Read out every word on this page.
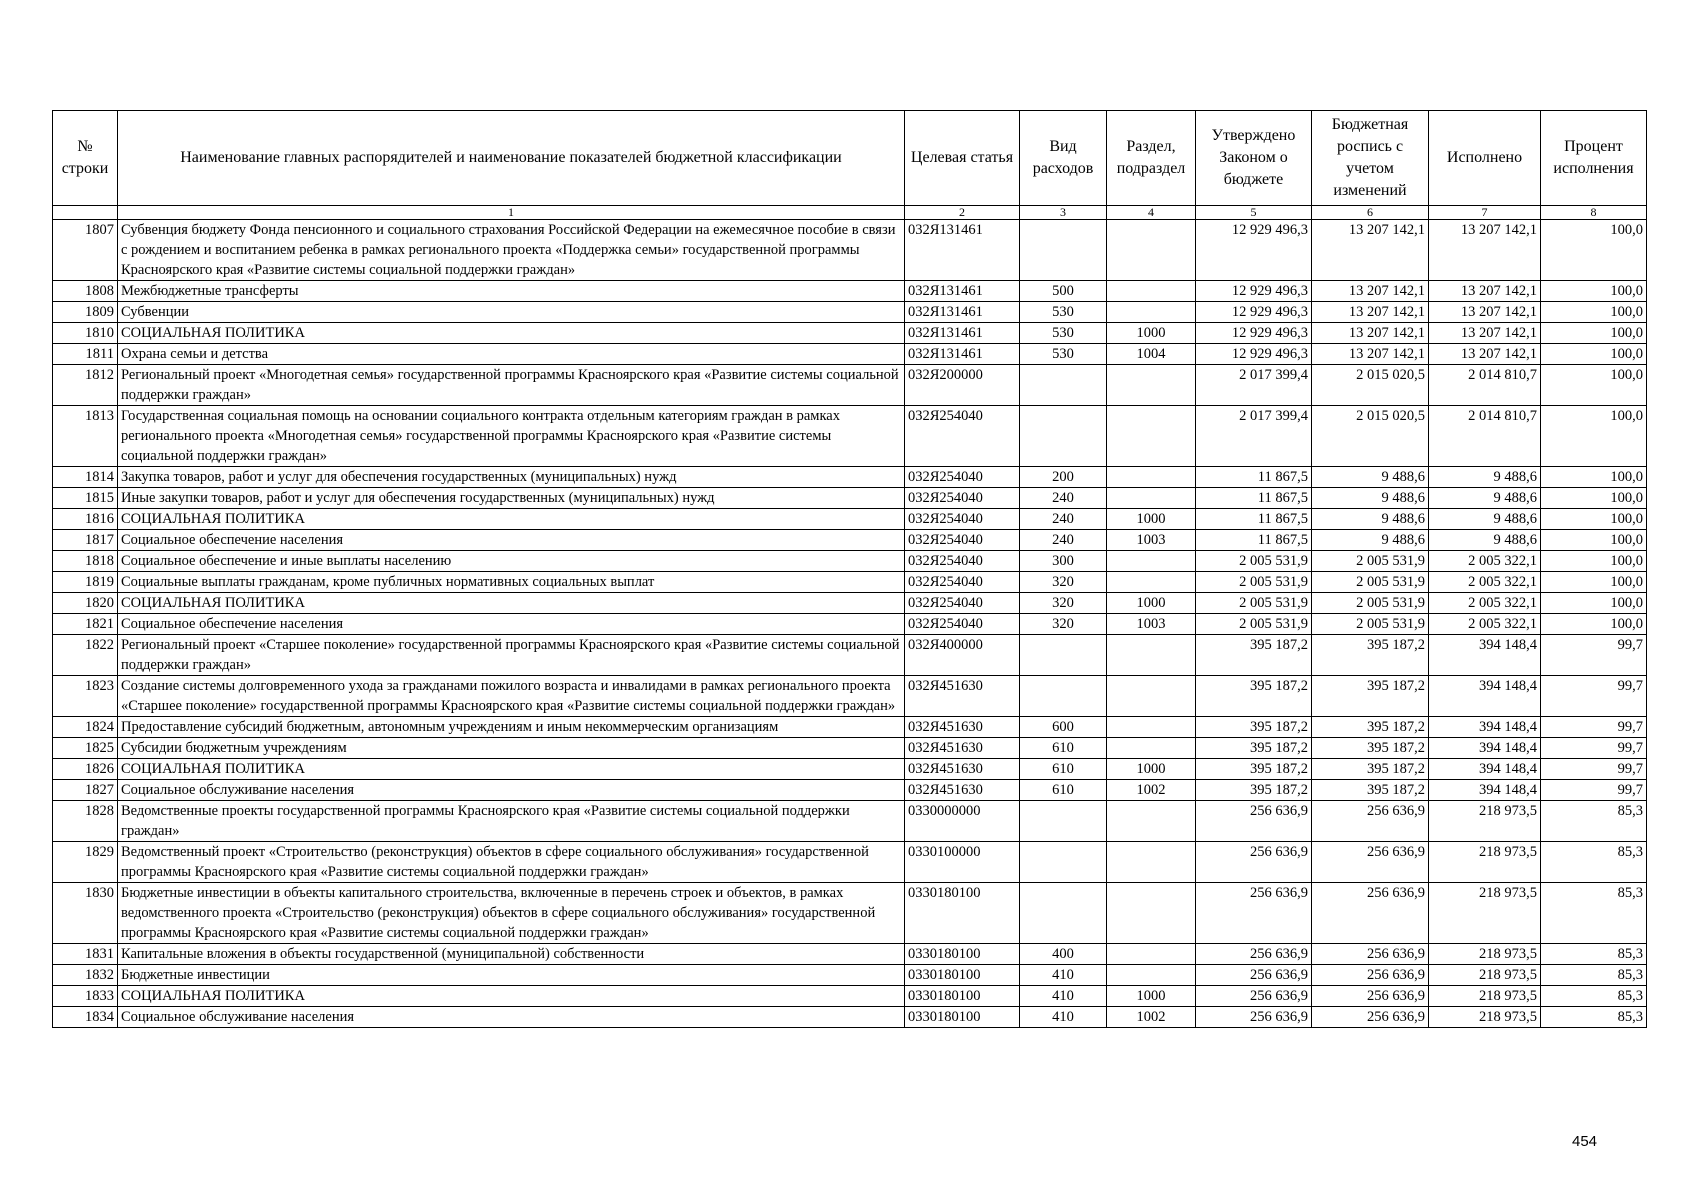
№ строки	Наименование главных распорядителей и наименование показателей бюджетной классификации	Целевая статья	Вид расходов	Раздел, подраздел	Утверждено Законом о бюджете	Бюджетная роспись с учетом изменений	Исполнено	Процент исполнения
	1	2	3	4	5	6	7	8
1807	Субвенция бюджету Фонда пенсионного и социального страхования Российской Федерации на ежемесячное пособие в связи с рождением и воспитанием ребенка в рамках регионального проекта «Поддержка семьи» государственной программы Красноярского края «Развитие системы социальной поддержки граждан»	032Я131461			12 929 496,3	13 207 142,1	13 207 142,1	100,0
1808	Межбюджетные трансферты	032Я131461	500		12 929 496,3	13 207 142,1	13 207 142,1	100,0
1809	Субвенции	032Я131461	530		12 929 496,3	13 207 142,1	13 207 142,1	100,0
1810	СОЦИАЛЬНАЯ ПОЛИТИКА	032Я131461	530	1000	12 929 496,3	13 207 142,1	13 207 142,1	100,0
1811	Охрана семьи и детства	032Я131461	530	1004	12 929 496,3	13 207 142,1	13 207 142,1	100,0
1812	Региональный проект «Многодетная семья» государственной программы Красноярского края «Развитие системы социальной поддержки граждан»	032Я200000			2 017 399,4	2 015 020,5	2 014 810,7	100,0
1813	Государственная социальная помощь на основании социального контракта отдельным категориям граждан в рамках регионального проекта «Многодетная семья» государственной программы Красноярского края «Развитие системы социальной поддержки граждан»	032Я254040			2 017 399,4	2 015 020,5	2 014 810,7	100,0
1814	Закупка товаров, работ и услуг для обеспечения государственных (муниципальных) нужд	032Я254040	200		11 867,5	9 488,6	9 488,6	100,0
1815	Иные закупки товаров, работ и услуг для обеспечения государственных (муниципальных) нужд	032Я254040	240		11 867,5	9 488,6	9 488,6	100,0
1816	СОЦИАЛЬНАЯ ПОЛИТИКА	032Я254040	240	1000	11 867,5	9 488,6	9 488,6	100,0
1817	Социальное обеспечение населения	032Я254040	240	1003	11 867,5	9 488,6	9 488,6	100,0
1818	Социальное обеспечение и иные выплаты населению	032Я254040	300		2 005 531,9	2 005 531,9	2 005 322,1	100,0
1819	Социальные выплаты гражданам, кроме публичных нормативных социальных выплат	032Я254040	320		2 005 531,9	2 005 531,9	2 005 322,1	100,0
1820	СОЦИАЛЬНАЯ ПОЛИТИКА	032Я254040	320	1000	2 005 531,9	2 005 531,9	2 005 322,1	100,0
1821	Социальное обеспечение населения	032Я254040	320	1003	2 005 531,9	2 005 531,9	2 005 322,1	100,0
1822	Региональный проект «Старшее поколение» государственной программы Красноярского края «Развитие системы социальной поддержки граждан»	032Я400000			395 187,2	395 187,2	394 148,4	99,7
1823	Создание системы долговременного ухода за гражданами пожилого возраста и инвалидами в рамках регионального проекта «Старшее поколение» государственной программы Красноярского края «Развитие системы социальной поддержки граждан»	032Я451630			395 187,2	395 187,2	394 148,4	99,7
1824	Предоставление субсидий бюджетным, автономным учреждениям и иным некоммерческим организациям	032Я451630	600		395 187,2	395 187,2	394 148,4	99,7
1825	Субсидии бюджетным учреждениям	032Я451630	610		395 187,2	395 187,2	394 148,4	99,7
1826	СОЦИАЛЬНАЯ ПОЛИТИКА	032Я451630	610	1000	395 187,2	395 187,2	394 148,4	99,7
1827	Социальное обслуживание населения	032Я451630	610	1002	395 187,2	395 187,2	394 148,4	99,7
1828	Ведомственные проекты государственной программы Красноярского края «Развитие системы социальной поддержки граждан»	0330000000			256 636,9	256 636,9	218 973,5	85,3
1829	Ведомственный проект «Строительство (реконструкция) объектов в сфере социального обслуживания» государственной программы Красноярского края «Развитие системы социальной поддержки граждан»	0330100000			256 636,9	256 636,9	218 973,5	85,3
1830	Бюджетные инвестиции в объекты капитального строительства, включенные в перечень строек и объектов, в рамках ведомственного проекта «Строительство (реконструкция) объектов в сфере социального обслуживания» государственной программы Красноярского края «Развитие системы социальной поддержки граждан»	0330180100			256 636,9	256 636,9	218 973,5	85,3
1831	Капитальные вложения в объекты государственной (муниципальной) собственности	0330180100	400		256 636,9	256 636,9	218 973,5	85,3
1832	Бюджетные инвестиции	0330180100	410		256 636,9	256 636,9	218 973,5	85,3
1833	СОЦИАЛЬНАЯ ПОЛИТИКА	0330180100	410	1000	256 636,9	256 636,9	218 973,5	85,3
1834	Социальное обслуживание населения	0330180100	410	1002	256 636,9	256 636,9	218 973,5	85,3
454
